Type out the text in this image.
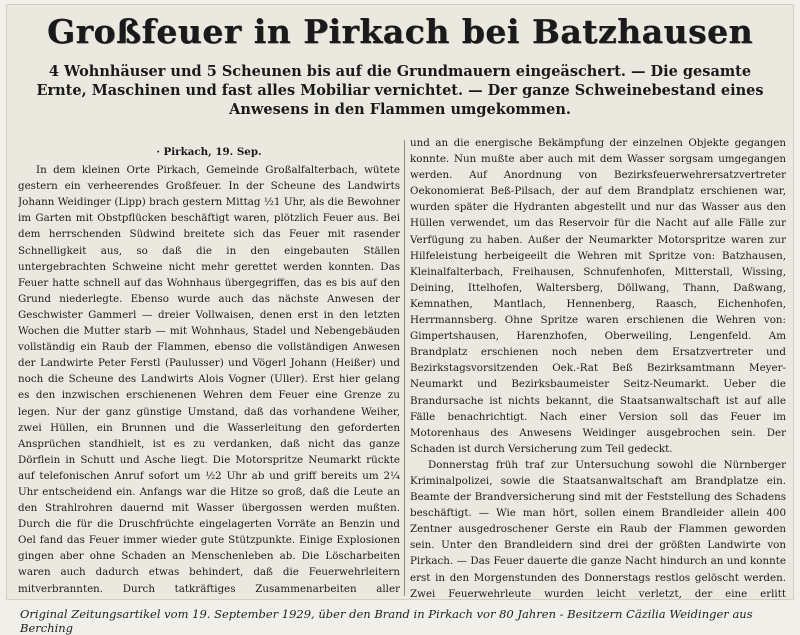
Großfeuer in Pirkach bei Batzhausen
4 Wohnhäuser und 5 Scheunen bis auf die Grundmauern eingeäschert. — Die gesamte
Ernte, Maschinen und fast alles Mobiliar vernichtet. — Der ganze Schweinebestand eines
Anwesens in den Flammen umgekommen.
· Pirkach, 19. Sep.

In dem kleinen Orte Pirkach, Gemeinde Großalfalterbach, wütete gestern ein verheerendes Großfeuer. In der Scheune des Landwirts Johann Weidinger (Lipp) brach gestern Mittag ½1 Uhr, als die Bewohner im Garten mit Obstpflücken beschäftigt waren, plötzlich Feuer aus. Bei dem herrschenden Südwind breitete sich das Feuer mit rasender Schnelligkeit aus, so daß die in den eingebauten Ställen untergebrachten Schweine nicht mehr gerettet werden konnten. Das Feuer hatte schnell auf das Wohnhaus übergegriffen, das es bis auf den Grund niederlegte. Ebenso wurde auch das nächste Anwesen der Geschwister Gammerl — dreier Vollwaisen, denen erst in den letzten Wochen die Mutter starb — mit Wohnhaus, Stadel und Nebengebäuden vollständig ein Raub der Flammen, ebenso die vollständigen Anwesen der Landwirte Peter Ferstl (Paulusser) und Vögerl Johann (Heißer) und noch die Scheune des Landwirts Alois Vogner (Uller). Erst hier gelang es den inzwischen erschienenen Wehren dem Feuer eine Grenze zu legen. Nur der ganz günstige Umstand, daß das vorhandene Weiher, zwei Hüllen, ein Brunnen und die Wasserleitung den geforderten Ansprüchen standhielt, ist es zu verdanken, daß nicht das ganze Dörflein in Schutt und Asche liegt. Die Motorspritze Neumarkt rückte auf telefonischen Anruf sofort um ½2 Uhr ab und griff bereits um 2¼ Uhr entscheidend ein. Anfangs war die Hitze so groß, daß die Leute an den Strahlrohren dauernd mit Wasser übergossen werden mußten. Durch die für die Druschfrüchte eingelagerten Vorräte an Benzin und Oel fand das Feuer immer wieder gute Stützpunkte. Einige Explosionen gingen aber ohne Schaden an Menschenleben ab. Die Löscharbeiten waren auch dadurch etwas behindert, daß die Feuerwehrleitern mitverbrannten. Durch tatkräftiges Zusammenarbeiten aller

und an die energische Bekämpfung der einzelnen Objekte gegangen konnte. Nun mußte aber auch mit dem Wasser sorgsam umgegangen werden. Auf Anordnung von Bezirksfeuerwehrersatzvertreter Oekonomierat Beß-Pilsach, der auf dem Brandplatz erschienen war, wurden später die Hydranten abgestellt und nur das Wasser aus den Hüllen verwendet, um das Reservoir für die Nacht auf alle Fälle zur Verfügung zu haben. Außer der Neumarkter Motorspritze waren zur Hilfeleistung herbeigeeilt die Wehren mit Spritze von: Batzhausen, Kleinalfalterbach, Freihausen, Schnufenhofen, Mitterstall, Wissing, Deining, Ittelhofen, Waltersberg, Döllwang, Thann, Daßwang, Kemnathen, Mantlach, Hennenberg, Raasch, Eichenhofen, Herrmannsberg. Ohne Spritze waren erschienen die Wehren von: Gimpertshausen, Harenzhofen, Oberweiling, Lengenfeld. Am Brandplatz erschienen noch neben dem Ersatzvertreter und Bezirkstagsvorsitzenden Oek.-Rat Beß Bezirksamtmann Meyer-Neumarkt und Bezirksbaumeister Seitz-Neumarkt. Ueber die Brandursache ist nichts bekannt, die Staatsanwaltschaft ist auf alle Fälle benachrichtigt. Nach einer Version soll das Feuer im Motorenhaus des Anwesens Weidinger ausgebrochen sein. Der Schaden ist durch Versicherung zum Teil gedeckt.

Donnerstag früh traf zur Untersuchung sowohl die Nürnberger Kriminalpolizei, sowie die Staatsanwaltschaft am Brandplatze ein. Beamte der Brandversicherung sind mit der Feststellung des Schadens beschäftigt. — Wie man hört, sollen einem Brandleider allein 400 Zentner ausgedroschener Gerste ein Raub der Flammen geworden sein. Unter den Brandleidern sind drei der größten Landwirte von Pirkach. — Das Feuer dauerte die ganze Nacht hindurch an und konnte erst in den Morgenstunden des Donnerstags restlos gelöscht werden. Zwei Feuerwehrleute wurden leicht verletzt, der eine erlitt

Original Zeitungsartikel vom 19. September 1929, über den Brand in Pirkach vor 80 Jahren - Besitzern Cäzilia Weidinger aus Berching
